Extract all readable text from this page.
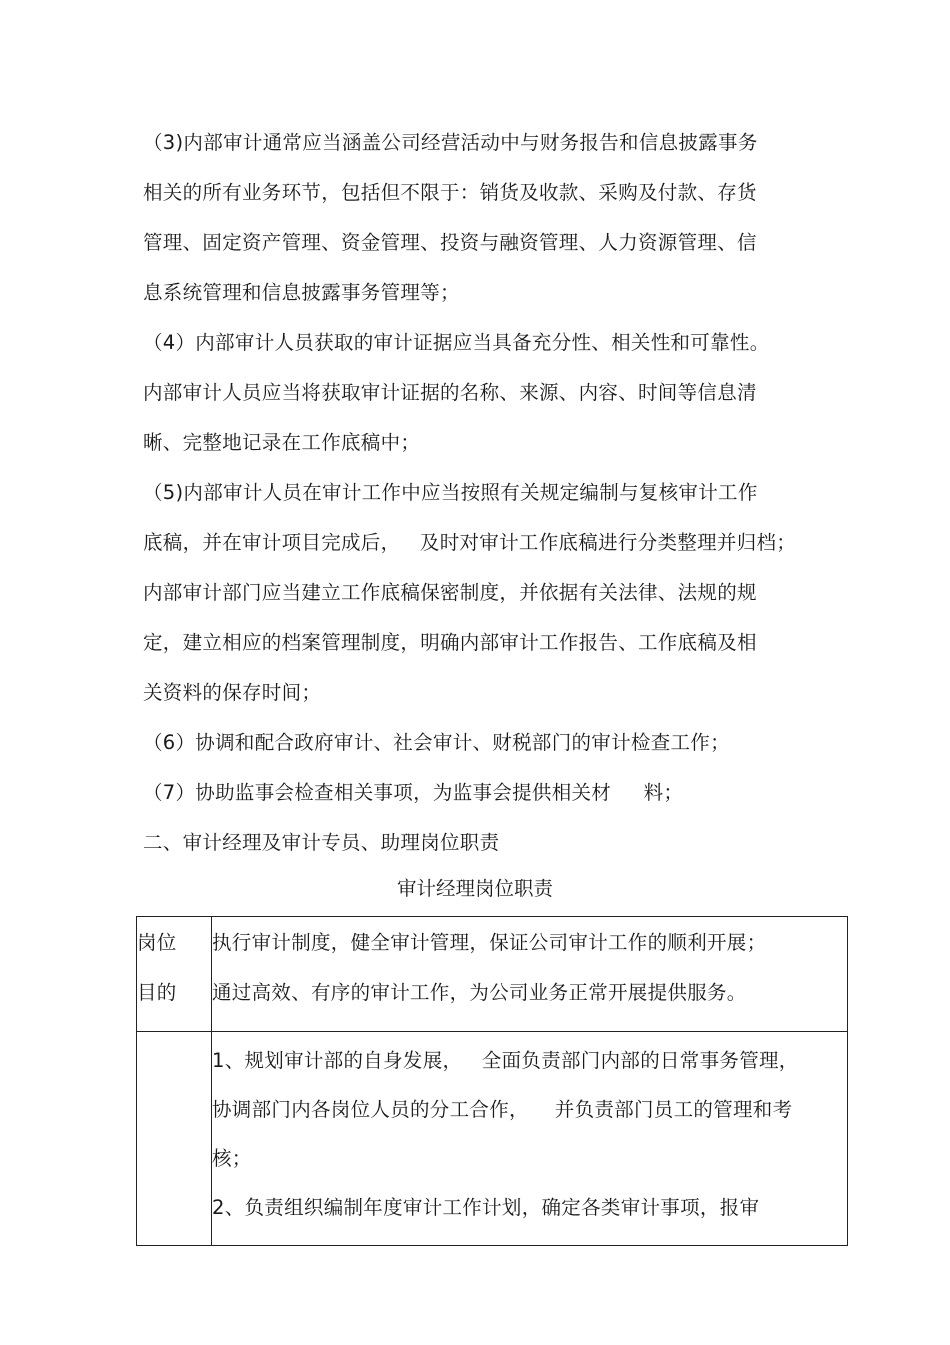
（3)内部审计通常应当涵盖公司经营活动中与财务报告和信息披露事务
相关的所有业务环节，包括但不限于：销货及收款、采购及付款、存货
管理、固定资产管理、资金管理、投资与融资管理、人力资源管理、信
息系统管理和信息披露事务管理等；
（4）内部审计人员获取的审计证据应当具备充分性、相关性和可靠性。
内部审计人员应当将获取审计证据的名称、来源、内容、时间等信息清
晰、完整地记录在工作底稿中；
（5)内部审计人员在审计工作中应当按照有关规定编制与复核审计工作
底稿，并在审计项目完成后，   及时对审计工作底稿进行分类整理并归档；
内部审计部门应当建立工作底稿保密制度，并依据有关法律、法规的规
定，建立相应的档案管理制度，明确内部审计工作报告、工作底稿及相
关资料的保存时间；
（6）协调和配合政府审计、社会审计、财税部门的审计检查工作；
（7）协助监事会检查相关事项，为监事会提供相关材     料；
二、审计经理及审计专员、助理岗位职责
审计经理岗位职责
岗位
目的	执行审计制度，健全审计管理，保证公司审计工作的顺利开展；
通过高效、有序的审计工作，为公司业务正常开展提供服务。

	1、规划审计部的自身发展，   全面负责部门内部的日常事务管理，
协调部门内各岗位人员的分工合作，    并负责部门员工的管理和考
核；
2、负责组织编制年度审计工作计划，确定各类审计事项，报审
